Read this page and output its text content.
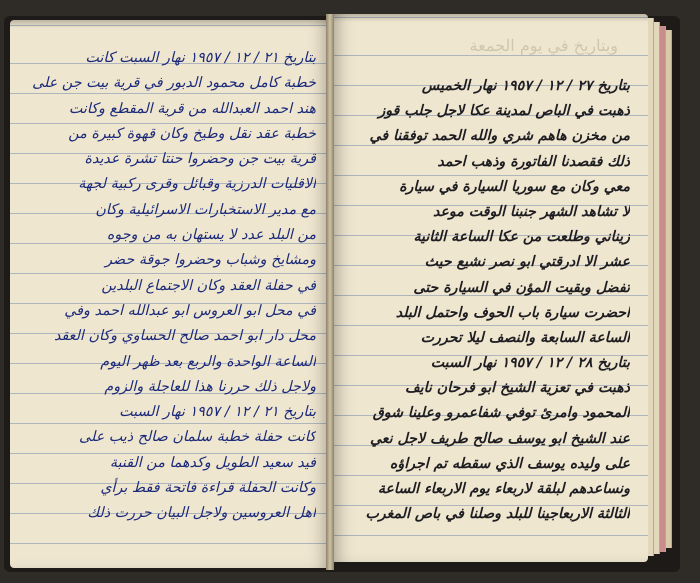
بتاريخ ٢١ / ١٢ / ١٩٥٧ نهار السبت كانت
خطبة كامل محمود الدبور في قرية بيت جن على
هند احمد العبدالله من قرية المقطع وكانت
خطبة عقد نقل وطيخ وكان قهوة كبيرة من
قرية بيت جن وحضروا حنتا تشرة عديدة
الاقليات الدرزية وقبائل وقرى ركبية لجهة
مع مدير الاستخبارات الاسرائيلية وكان
من البلد عدد لا يستهان به من وجوه
ومشايخ وشباب وحضروا جوقة حضر
في حفلة العقد وكان الاجتماع البلدين
في محل ابو العروس ابو عبدالله احمد وفي
محل دار ابو احمد صالح الحساوي وكان العقد
الساعة الواحدة والربع بعد ظهر اليوم
ولاجل ذلك حررنا هذا للعاجلة والزوم
بتاريخ ٢١ / ١٢ / ١٩٥٧ نهار السبت
كانت حفلة خطبة سلمان صالح ذيب على
فيد سعيد الطويل وكدهما من القنبة
وكانت الحفلة قراءة فاتحة فقط برأي
اهل العروسين ولاجل البيان حررت ذلك
وبتاريخ في يوم الجمعة
بتاريخ ٢٧ / ١٢ / ١٩٥٧ نهار الخميس
ذهبت في الباص لمدينة عكا لاجل جلب قوز
من مخزن هاهم شري والله الحمد توفقنا في
ذلك فقصدنا الفاتورة وذهب احمد
معي وكان مع سوريا السيارة في سيارة
لا تشاهد الشهر جنبنا الوقت موعد
زيناني وطلعت من عكا الساعة الثانية
عشر الا ادرقتي ابو نصر نشيع حيث
تفضل وبقيت المؤن في السيارة حتى
احضرت سيارة باب الحوف واحتمل البلد
الساعة السابعة والنصف ليلا تحررت
بتاريخ ٢٨ / ١٢ / ١٩٥٧ نهار السبت
ذهبت في تعزية الشيخ ابو فرحان نايف
المحمود وامرئ توفي شفاعمرو وعلينا شوق
عند الشيخ ابو يوسف صالح طريف لاجل نعي
على وليده يوسف الذي سقطه تم اجراؤه
ونساعدهم لبلقة لاربعاء يوم الاربعاء الساعة
الثالثة الاربعاجينا للبلد وصلنا في باص المغرب
